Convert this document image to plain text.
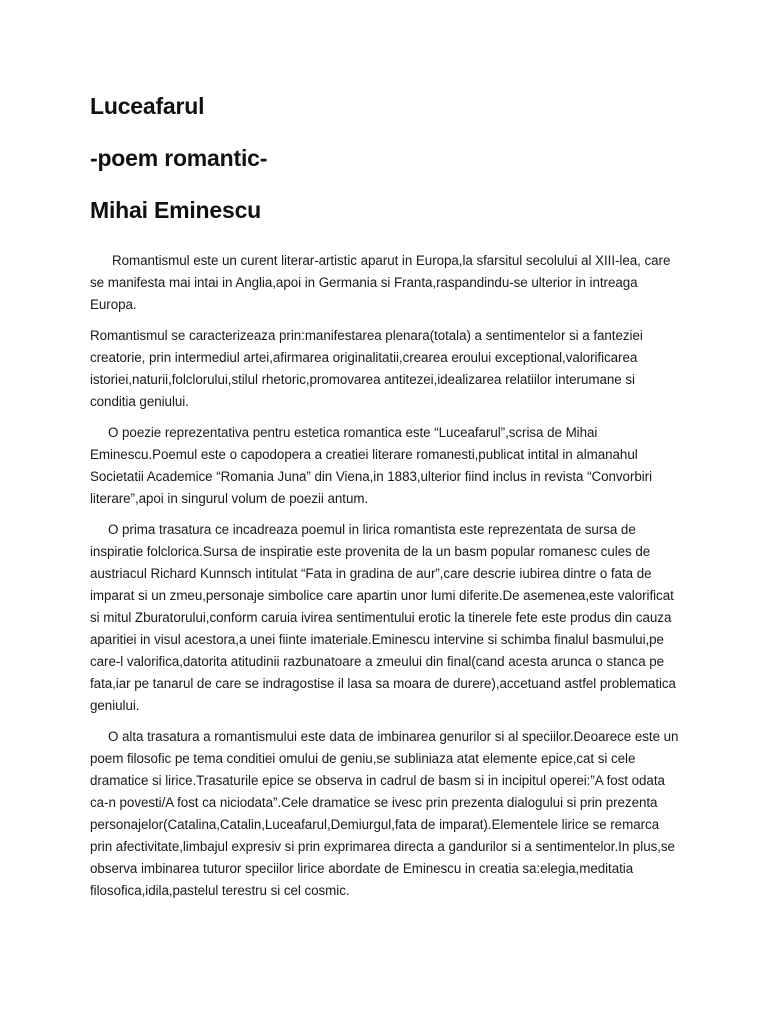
Luceafarul
-poem romantic-
Mihai Eminescu

Romantismul este un curent literar-artistic aparut in Europa,la sfarsitul secolului al XIII-lea, care se manifesta mai intai in Anglia,apoi in Germania si Franta,raspandindu-se ulterior in intreaga Europa.

Romantismul se caracterizeaza prin:manifestarea plenara(totala) a sentimentelor si a fanteziei creatorie, prin intermediul artei,afirmarea originalitatii,crearea eroului exceptional,valorificarea istoriei,naturii,folclorului,stilul rhetoric,promovarea antitezei,idealizarea relatiilor interumane si conditia geniului.

O poezie reprezentativa pentru estetica romantica este “Luceafarul”,scrisa de Mihai Eminescu.Poemul este o capodopera a creatiei literare romanesti,publicat intital in almanahul Societatii Academice “Romania Juna” din Viena,in 1883,ulterior fiind inclus in revista “Convorbiri literare”,apoi in singurul volum de poezii antum.

O prima trasatura ce incadreaza poemul in lirica romantista este reprezentata de sursa de inspiratie folclorica.Sursa de inspiratie este provenita de la un basm popular romanesc cules de austriacul Richard Kunnsch intitulat “Fata in gradina de aur”,care descrie iubirea dintre o fata de imparat si un zmeu,personaje simbolice care apartin unor lumi diferite.De asemenea,este valorificat si mitul Zburatorului,conform caruia ivirea sentimentului erotic la tinerele fete este produs din cauza aparitiei in visul acestora,a unei fiinte imateriale.Eminescu intervine si schimba finalul basmului,pe care-l valorifica,datorita atitudinii razbunatoare a zmeului din final(cand acesta arunca o stanca pe fata,iar pe tanarul de care se indragostise il lasa sa moara de durere),accetuand astfel problematica geniului.

O alta trasatura a romantismului este data de imbinarea genurilor si al speciilor.Deoarece este un poem filosofic pe tema conditiei omului de geniu,se subliniaza atat elemente epice,cat si cele dramatice si lirice.Trasaturile epice se observa in cadrul de basm si in incipitul operei:”A fost odata ca-n povesti/A fost ca niciodata”.Cele dramatice se ivesc prin prezenta dialogului si prin prezenta personajelor(Catalina,Catalin,Luceafarul,Demiurgul,fata de imparat).Elementele lirice se remarca prin afectivitate,limbajul expresiv si prin exprimarea directa a gandurilor si a sentimentelor.In plus,se observa imbinarea tuturor speciilor lirice abordate de Eminescu in creatia sa:elegia,meditatia filosofica,idila,pastelul terestru si cel cosmic.
